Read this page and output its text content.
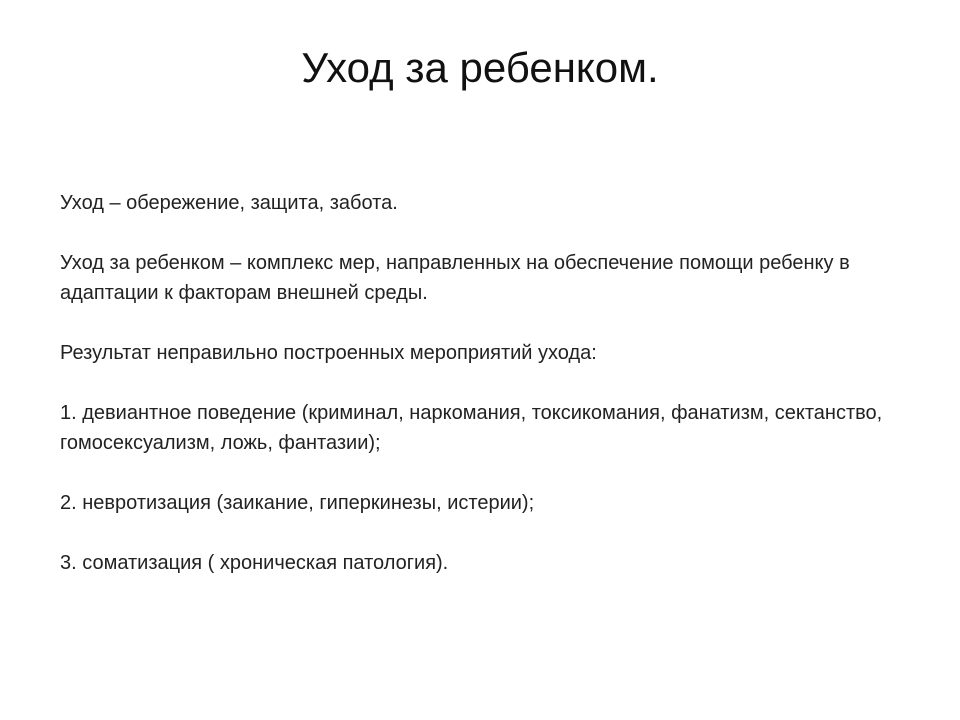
Уход за ребенком.

Уход – обережение, защита, забота.

Уход за ребенком – комплекс мер, направленных на обеспечение помощи ребенку в адаптации к факторам внешней среды.

Результат неправильно построенных мероприятий ухода:

1. девиантное поведение (криминал, наркомания, токсикомания, фанатизм, сектанство, гомосексуализм, ложь, фантазии);

2. невротизация (заикание, гиперкинезы, истерии);

3. соматизация ( хроническая патология).
